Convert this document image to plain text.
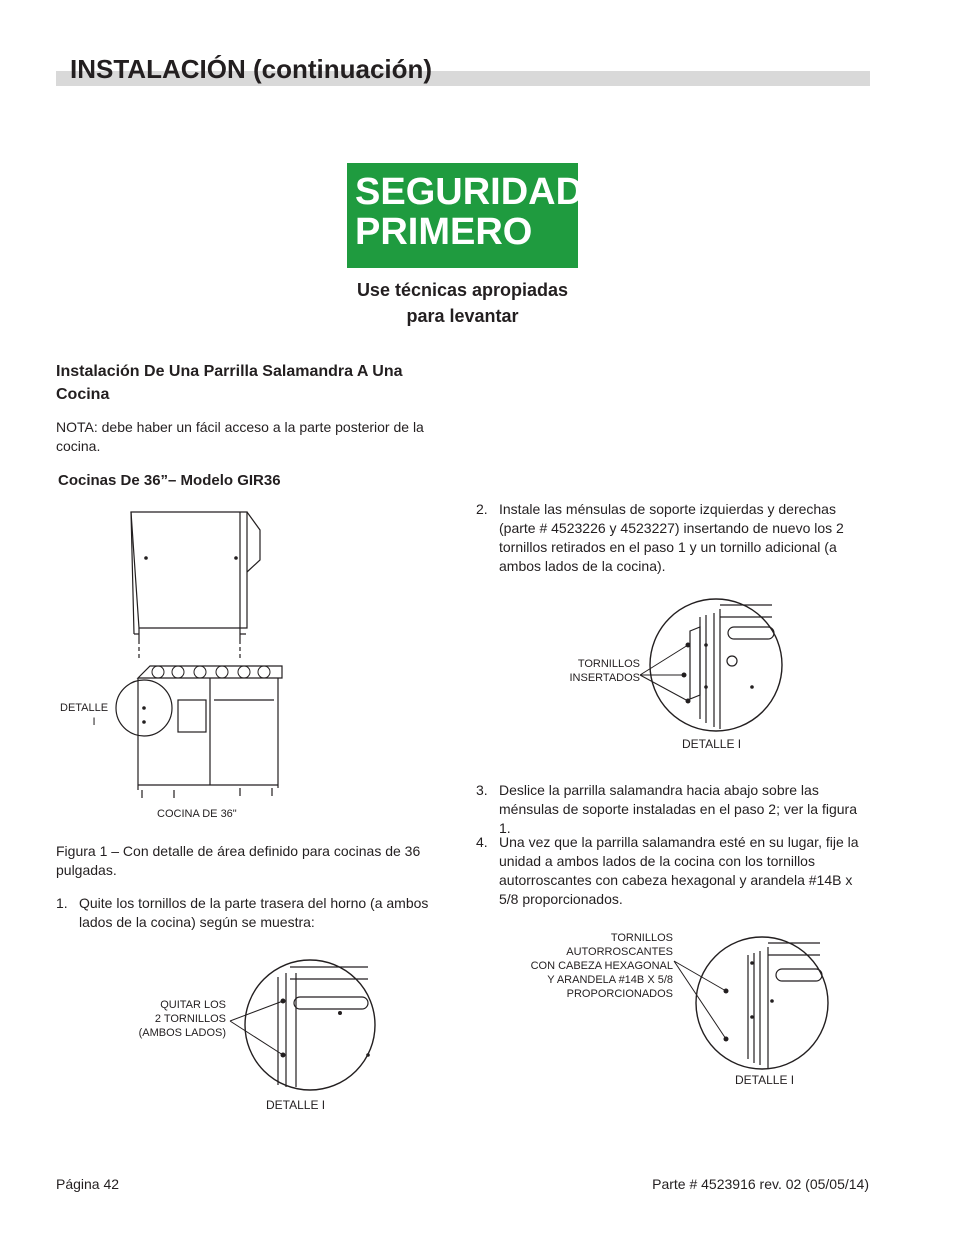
INSTALACIÓN (continuación)
SEGURIDAD
PRIMERO
Use técnicas apropiadas
para levantar
Instalación De Una Parrilla Salamandra A Una Cocina
NOTA: debe haber un fácil acceso a la parte posterior de la cocina.
Cocinas De 36”– Modelo GIR36
DETALLE
I
COCINA DE 36"
Figura 1 – Con detalle de área definido para cocinas de 36 pulgadas.
1. Quite los tornillos de la parte trasera del horno (a ambos lados de la cocina) según se muestra:
QUITAR LOS
2 TORNILLOS
(AMBOS LADOS)
DETALLE I
2. Instale las ménsulas de soporte izquierdas y derechas (parte # 4523226 y 4523227) insertando de nuevo los 2 tornillos retirados en el paso 1 y un tornillo adicional (a ambos lados de la cocina).
TORNILLOS
INSERTADOS
DETALLE I
3. Deslice la parrilla salamandra hacia abajo sobre las ménsulas de soporte instaladas en el paso 2; ver la figura 1.
4. Una vez que la parrilla salamandra esté en su lugar, fije la unidad a ambos lados de la cocina con los tornillos autorroscantes con cabeza hexagonal y arandela #14B x 5/8 proporcionados.
TORNILLOS
AUTORROSCANTES
CON CABEZA HEXAGONAL
Y ARANDELA #14B X 5/8
PROPORCIONADOS
DETALLE I
Página 42	Parte # 4523916 rev. 02 (05/05/14)
